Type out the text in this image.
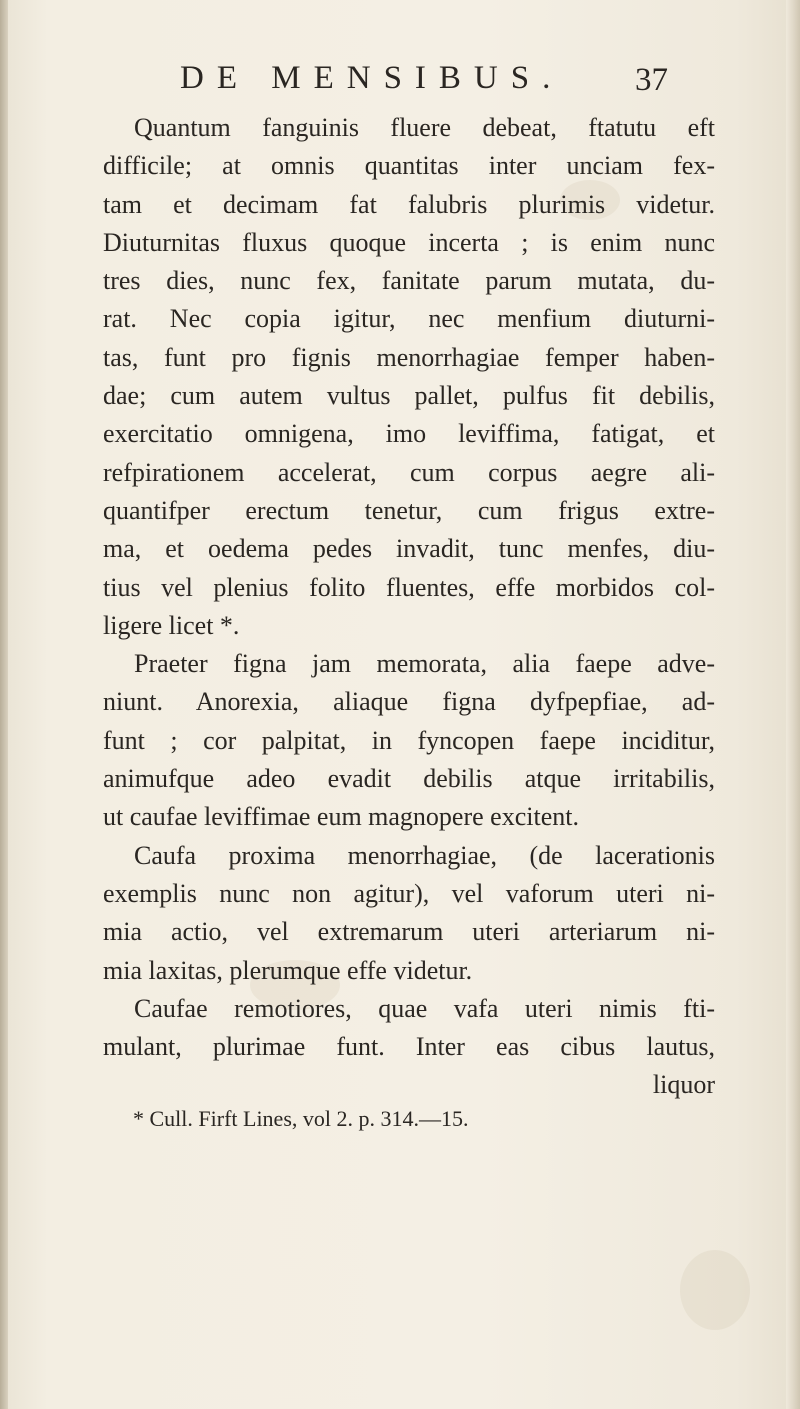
DE MENSIBUS. 37
Quantum fanguinis fluere debeat, ftatutu eft
difficile; at omnis quantitas inter unciam fex-
tam et decimam fat falubris plurimis videtur.
Diuturnitas fluxus quoque incerta ; is enim nunc
tres dies, nunc fex, fanitate parum mutata, du-
rat. Nec copia igitur, nec menfium diuturni-
tas, funt pro fignis menorrhagiae femper haben-
dae; cum autem vultus pallet, pulfus fit debilis,
exercitatio omnigena, imo leviffima, fatigat, et
refpirationem accelerat, cum corpus aegre ali-
quantifper erectum tenetur, cum frigus extre-
ma, et oedema pedes invadit, tunc menfes, diu-
tius vel plenius folito fluentes, effe morbidos col-
ligere licet *.
Praeter figna jam memorata, alia faepe adve-
niunt. Anorexia, aliaque figna dyfpepfiae, ad-
funt ; cor palpitat, in fyncopen faepe inciditur,
animufque adeo evadit debilis atque irritabilis,
ut caufae leviffimae eum magnopere excitent.
Caufa proxima menorrhagiae, (de lacerationis
exemplis nunc non agitur), vel vaforum uteri ni-
mia actio, vel extremarum uteri arteriarum ni-
mia laxitas, plerumque effe videtur.
Caufae remotiores, quae vafa uteri nimis fti-
mulant, plurimae funt. Inter eas cibus lautus,
liquor
* Cull. Firft Lines, vol 2. p. 314.—15.
